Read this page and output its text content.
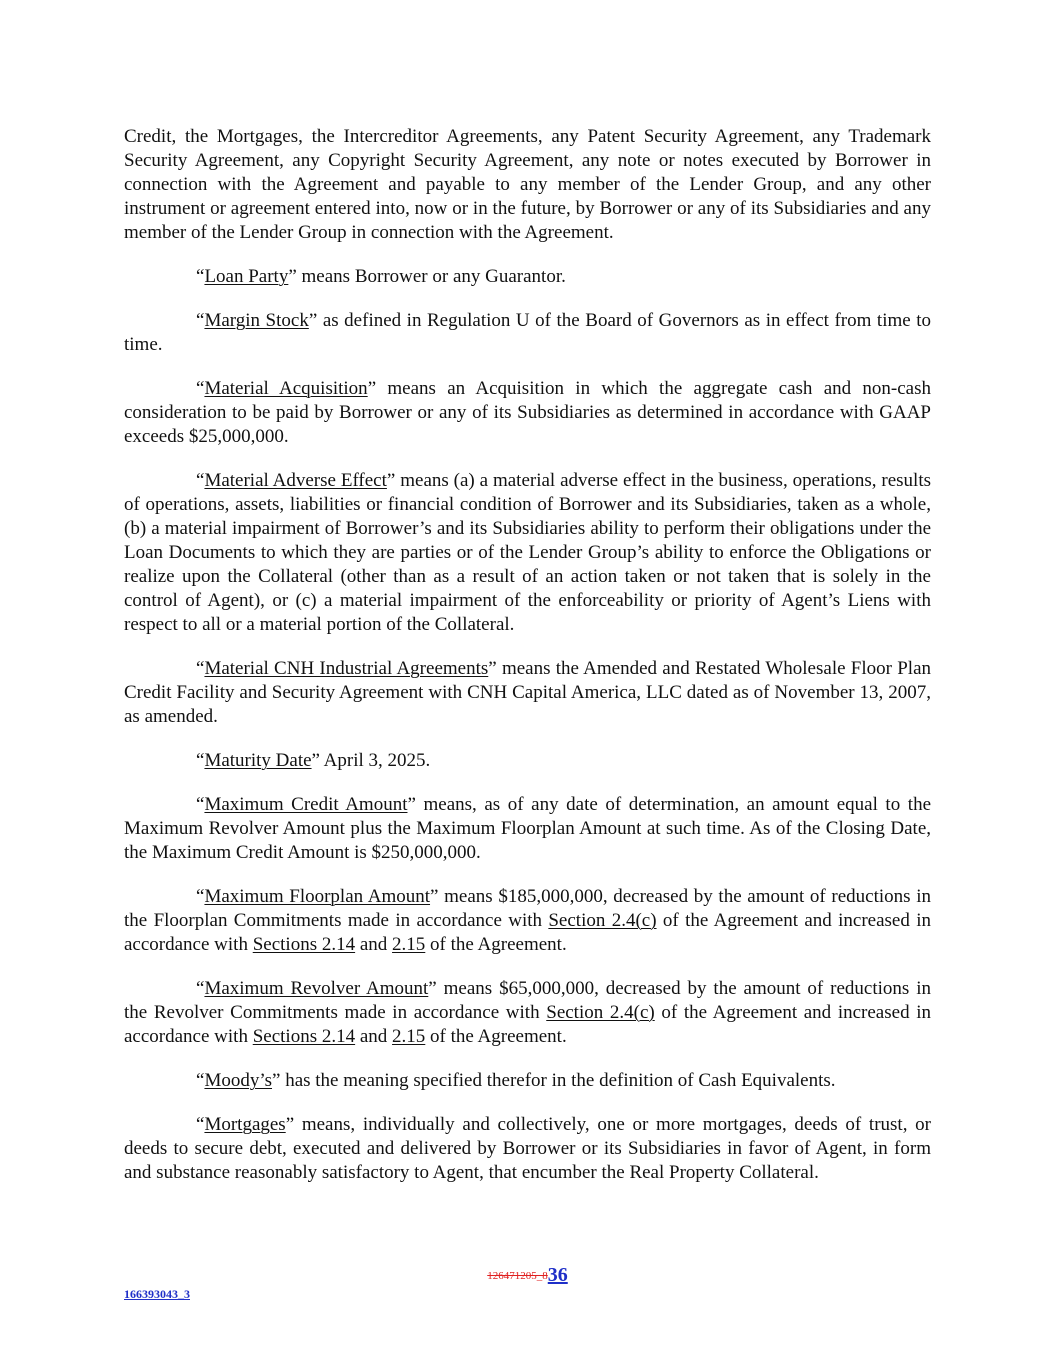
Credit, the Mortgages, the Intercreditor Agreements, any Patent Security Agreement, any Trademark Security Agreement, any Copyright Security Agreement, any note or notes executed by Borrower in connection with the Agreement and payable to any member of the Lender Group, and any other instrument or agreement entered into, now or in the future, by Borrower or any of its Subsidiaries and any member of the Lender Group in connection with the Agreement.

“Loan Party” means Borrower or any Guarantor.

“Margin Stock” as defined in Regulation U of the Board of Governors as in effect from time to time.

“Material Acquisition” means an Acquisition in which the aggregate cash and non-cash consideration to be paid by Borrower or any of its Subsidiaries as determined in accordance with GAAP exceeds $25,000,000.

“Material Adverse Effect” means (a) a material adverse effect in the business, operations, results of operations, assets, liabilities or financial condition of Borrower and its Subsidiaries, taken as a whole, (b) a material impairment of Borrower’s and its Subsidiaries ability to perform their obligations under the Loan Documents to which they are parties or of the Lender Group’s ability to enforce the Obligations or realize upon the Collateral (other than as a result of an action taken or not taken that is solely in the control of Agent), or (c) a material impairment of the enforceability or priority of Agent’s Liens with respect to all or a material portion of the Collateral.

“Material CNH Industrial Agreements” means the Amended and Restated Wholesale Floor Plan Credit Facility and Security Agreement with CNH Capital America, LLC dated as of November 13, 2007, as amended.

“Maturity Date” April 3, 2025.

“Maximum Credit Amount” means, as of any date of determination, an amount equal to the Maximum Revolver Amount plus the Maximum Floorplan Amount at such time. As of the Closing Date, the Maximum Credit Amount is $250,000,000.

“Maximum Floorplan Amount” means $185,000,000, decreased by the amount of reductions in the Floorplan Commitments made in accordance with Section 2.4(c) of the Agreement and increased in accordance with Sections 2.14 and 2.15 of the Agreement.

“Maximum Revolver Amount” means $65,000,000, decreased by the amount of reductions in the Revolver Commitments made in accordance with Section 2.4(c) of the Agreement and increased in accordance with Sections 2.14 and 2.15 of the Agreement.

“Moody’s” has the meaning specified therefor in the definition of Cash Equivalents.

“Mortgages” means, individually and collectively, one or more mortgages, deeds of trust, or deeds to secure debt, executed and delivered by Borrower or its Subsidiaries in favor of Agent, in form and substance reasonably satisfactory to Agent, that encumber the Real Property Collateral.

126471205_836
166393043_3
